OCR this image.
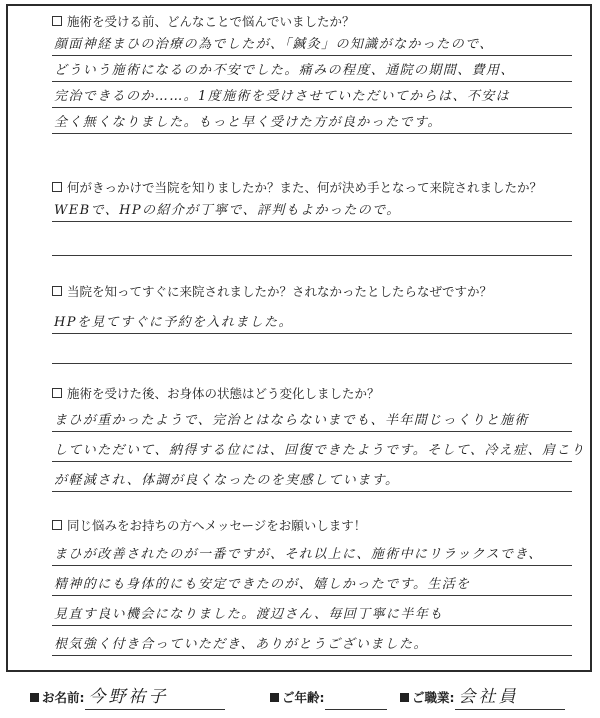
施術を受ける前、どんなことで悩んでいましたか？
顔面神経まひの治療の為でしたが、「鍼灸」の知識がなかったので、
どういう施術になるのか不安でした。痛みの程度、通院の期間、費用、
完治できるのか……。1度施術を受けさせていただいてからは、不安は
全く無くなりました。もっと早く受けた方が良かったです。
何がきっかけで当院を知りましたか？また、何が決め手となって来院されましたか？
WEBで、HPの紹介が丁寧で、評判もよかったので。
当院を知ってすぐに来院されましたか？されなかったとしたらなぜですか？
HPを見てすぐに予約を入れました。
施術を受けた後、お身体の状態はどう変化しましたか？
まひが重かったようで、完治とはならないまでも、半年間じっくりと施術
していただいて、納得する位には、回復できたようです。そして、冷え症、肩こり
が軽減され、体調が良くなったのを実感しています。
同じ悩みをお持ちの方へメッセージをお願いします！
まひが改善されたのが一番ですが、それ以上に、施術中にリラックスでき、
精神的にも身体的にも安定できたのが、嬉しかったです。生活を
見直す良い機会になりました。渡辺さん、毎回丁寧に半年も
根気強く付き合っていただき、ありがとうございました。
お名前: 今野祐子	ご年齢:	ご職業: 会社員
